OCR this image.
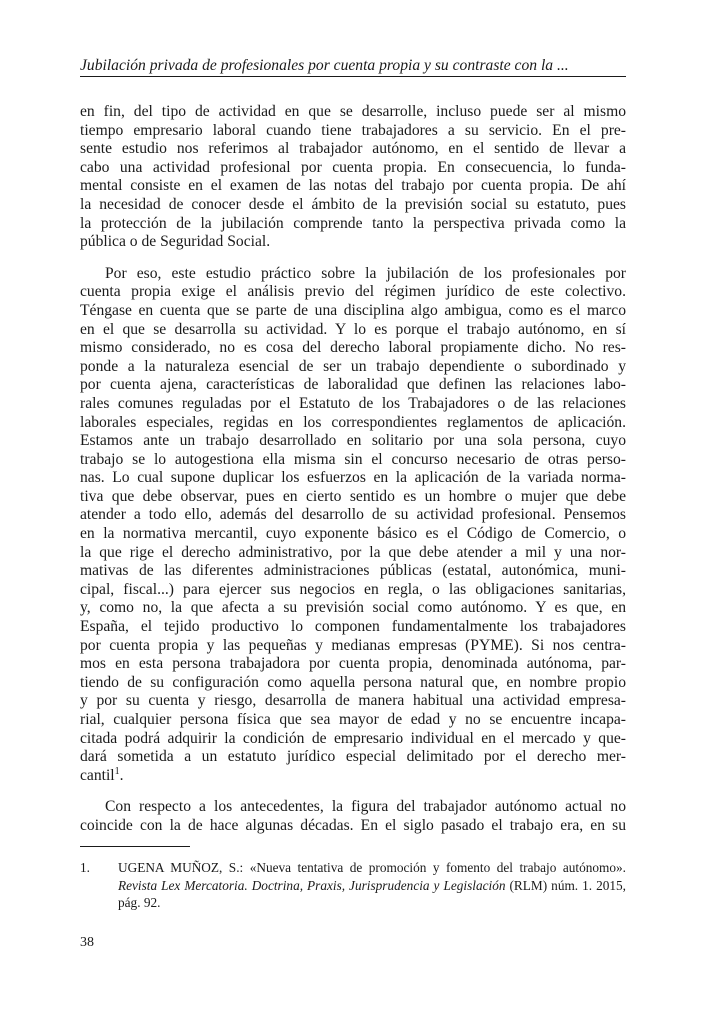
Jubilación privada de profesionales por cuenta propia y su contraste con la ...

en fin, del tipo de actividad en que se desarrolle, incluso puede ser al mismo
tiempo empresario laboral cuando tiene trabajadores a su servicio. En el pre-
sente estudio nos referimos al trabajador autónomo, en el sentido de llevar a
cabo una actividad profesional por cuenta propia. En consecuencia, lo funda-
mental consiste en el examen de las notas del trabajo por cuenta propia. De ahí
la necesidad de conocer desde el ámbito de la previsión social su estatuto, pues
la protección de la jubilación comprende tanto la perspectiva privada como la
pública o de Seguridad Social.

Por eso, este estudio práctico sobre la jubilación de los profesionales por
cuenta propia exige el análisis previo del régimen jurídico de este colectivo.
Téngase en cuenta que se parte de una disciplina algo ambigua, como es el marco
en el que se desarrolla su actividad. Y lo es porque el trabajo autónomo, en sí
mismo considerado, no es cosa del derecho laboral propiamente dicho. No res-
ponde a la naturaleza esencial de ser un trabajo dependiente o subordinado y
por cuenta ajena, características de laboralidad que definen las relaciones labo-
rales comunes reguladas por el Estatuto de los Trabajadores o de las relaciones
laborales especiales, regidas en los correspondientes reglamentos de aplicación.
Estamos ante un trabajo desarrollado en solitario por una sola persona, cuyo
trabajo se lo autogestiona ella misma sin el concurso necesario de otras perso-
nas. Lo cual supone duplicar los esfuerzos en la aplicación de la variada norma-
tiva que debe observar, pues en cierto sentido es un hombre o mujer que debe
atender a todo ello, además del desarrollo de su actividad profesional. Pensemos
en la normativa mercantil, cuyo exponente básico es el Código de Comercio, o
la que rige el derecho administrativo, por la que debe atender a mil y una nor-
mativas de las diferentes administraciones públicas (estatal, autonómica, muni-
cipal, fiscal...) para ejercer sus negocios en regla, o las obligaciones sanitarias,
y, como no, la que afecta a su previsión social como autónomo. Y es que, en
España, el tejido productivo lo componen fundamentalmente los trabajadores
por cuenta propia y las pequeñas y medianas empresas (PYME). Si nos centra-
mos en esta persona trabajadora por cuenta propia, denominada autónoma, par-
tiendo de su configuración como aquella persona natural que, en nombre propio
y por su cuenta y riesgo, desarrolla de manera habitual una actividad empresa-
rial, cualquier persona física que sea mayor de edad y no se encuentre incapa-
citada podrá adquirir la condición de empresario individual en el mercado y que-
dará sometida a un estatuto jurídico especial delimitado por el derecho mer-
cantil$^1$.

Con respecto a los antecedentes, la figura del trabajador autónomo actual no
coincide con la de hace algunas décadas. En el siglo pasado el trabajo era, en su

1. UGENA MUÑOZ, S.: «Nueva tentativa de promoción y fomento del trabajo autónomo».
Revista Lex Mercatoria. Doctrina, Praxis, Jurisprudencia y Legislación (RLM) núm. 1. 2015,
pág. 92.
38
